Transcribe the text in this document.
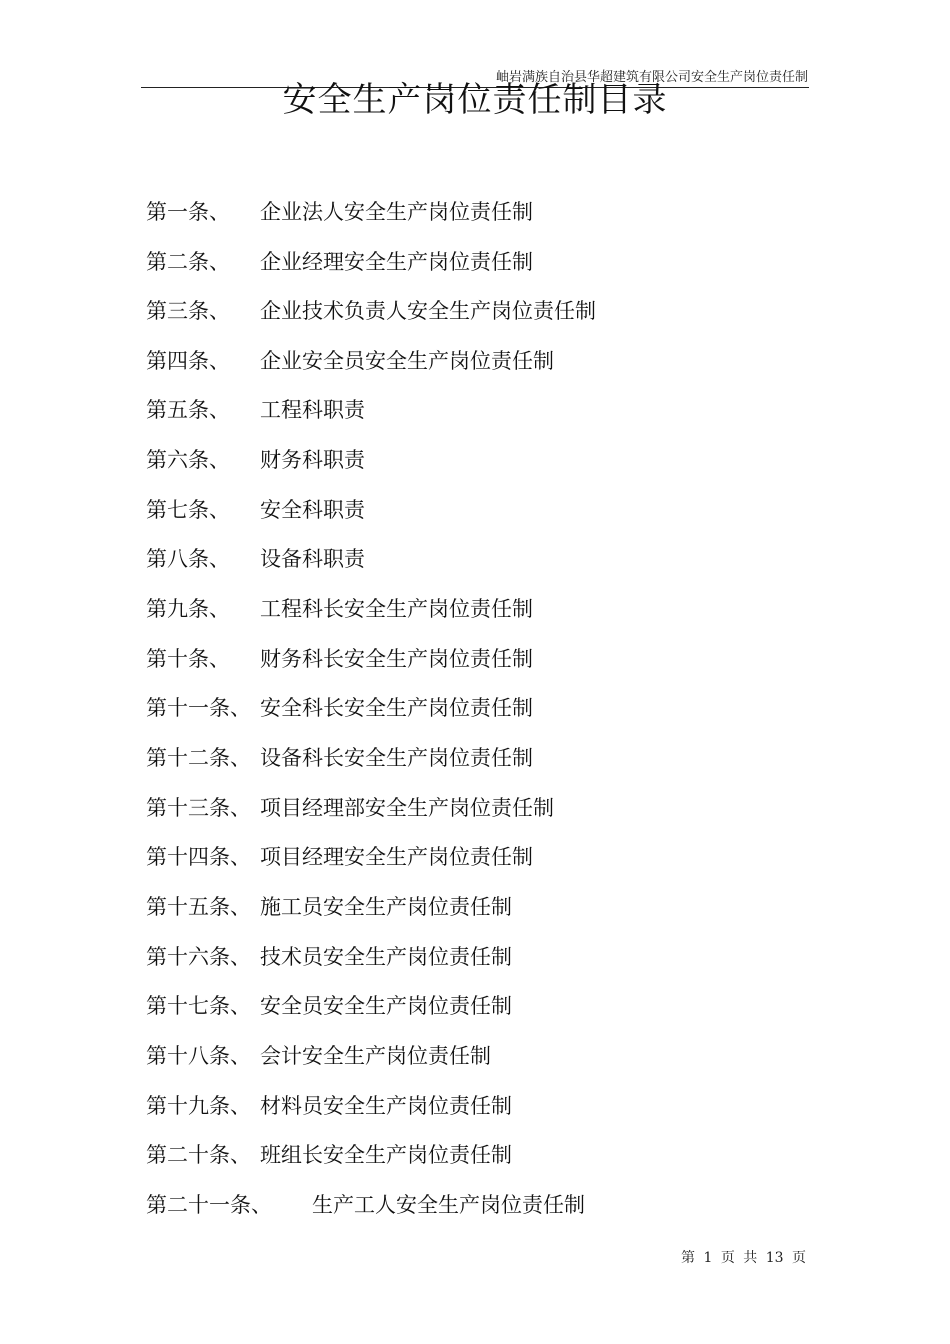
岫岩满族自治县华超建筑有限公司安全生产岗位责任制
安全生产岗位责任制目录
第一条、 企业法人安全生产岗位责任制
第二条、 企业经理安全生产岗位责任制
第三条、 企业技术负责人安全生产岗位责任制
第四条、 企业安全员安全生产岗位责任制
第五条、 工程科职责
第六条、 财务科职责
第七条、 安全科职责
第八条、 设备科职责
第九条、 工程科长安全生产岗位责任制
第十条、 财务科长安全生产岗位责任制
第十一条、 安全科长安全生产岗位责任制
第十二条、 设备科长安全生产岗位责任制
第十三条、 项目经理部安全生产岗位责任制
第十四条、 项目经理安全生产岗位责任制
第十五条、 施工员安全生产岗位责任制
第十六条、 技术员安全生产岗位责任制
第十七条、 安全员安全生产岗位责任制
第十八条、 会计安全生产岗位责任制
第十九条、 材料员安全生产岗位责任制
第二十条、 班组长安全生产岗位责任制
第二十一条、 生产工人安全生产岗位责任制
第 1 页 共 13 页
